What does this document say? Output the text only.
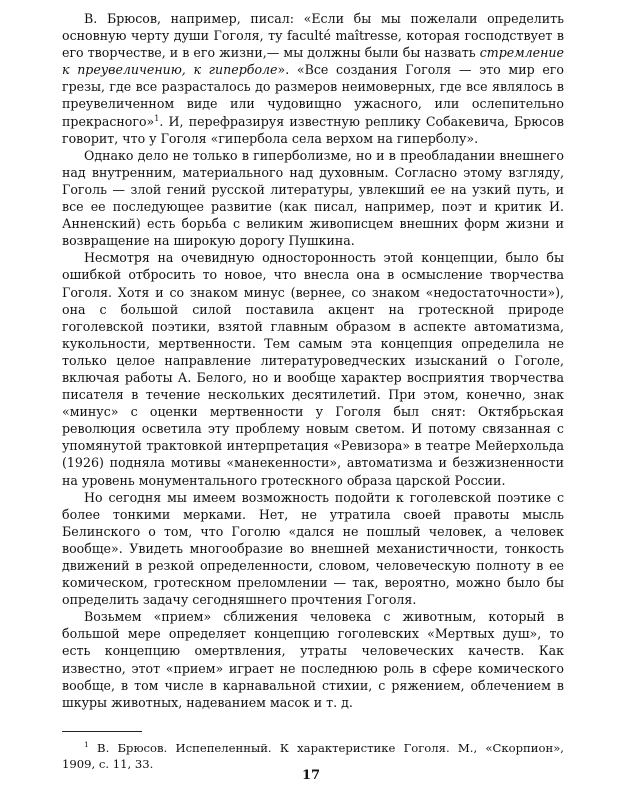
В. Брюсов, например, писал: «Если бы мы пожелали определить основную черту души Гоголя, ту faculté maîtresse, которая господствует в его творчестве, и в его жизни,— мы должны были бы назвать стремление к преувеличению, к гиперболе». «Все создания Гоголя — это мир его грезы, где все разрасталось до размеров неимоверных, где все являлось в преувеличенном виде или чудовищно ужасного, или ослепительно прекрасного»$^1$. И, перефразируя известную реплику Собакевича, Брюсов говорит, что у Гоголя «гипербола села верхом на гиперболу».

Однако дело не только в гиперболизме, но и в преобладании внешнего над внутренним, материального над духовным. Согласно этому взгляду, Гоголь — злой гений русской литературы, увлекший ее на узкий путь, и все ее последующее развитие (как писал, например, поэт и критик И. Анненский) есть борьба с великим живописцем внешних форм жизни и возвращение на широкую дорогу Пушкина.

Несмотря на очевидную односторонность этой концепции, было бы ошибкой отбросить то новое, что внесла она в осмысление творчества Гоголя. Хотя и со знаком минус (вернее, со знаком «недостаточности»), она с большой силой поставила акцент на гротескной природе гоголевской поэтики, взятой главным образом в аспекте автоматизма, кукольности, мертвенности. Тем самым эта концепция определила не только целое направление литературоведческих изысканий о Гоголе, включая работы А. Белого, но и вообще характер восприятия творчества писателя в течение нескольких десятилетий. При этом, конечно, знак «минус» с оценки мертвенности у Гоголя был снят: Октябрьская революция осветила эту проблему новым светом. И потому связанная с упомянутой трактовкой интерпретация «Ревизора» в театре Мейерхольда (1926) подняла мотивы «манекенности», автоматизма и безжизненности на уровень монументального гротескного образа царской России.

Но сегодня мы имеем возможность подойти к гоголевской поэтике с более тонкими мерками. Нет, не утратила своей правоты мысль Белинского о том, что Гоголю «дался не пошлый человек, а человек вообще». Увидеть многообразие во внешней механистичности, тонкость движений в резкой определенности, словом, человеческую полноту в ее комическом, гротескном преломлении — так, вероятно, можно было бы определить задачу сегодняшнего прочтения Гоголя.

Возьмем «прием» сближения человека с животным, который в большой мере определяет концепцию гоголевских «Мертвых душ», то есть концепцию омертвления, утраты человеческих качеств. Как известно, этот «прием» играет не последнюю роль в сфере комического вообще, в том числе в карнавальной стихии, с ряжением, облечением в шкуры животных, надеванием масок и т. д.

$^1$ В. Брюсов. Испепеленный. К характеристике Гоголя. М., «Скорпион», 1909, с. 11, 33.

17
